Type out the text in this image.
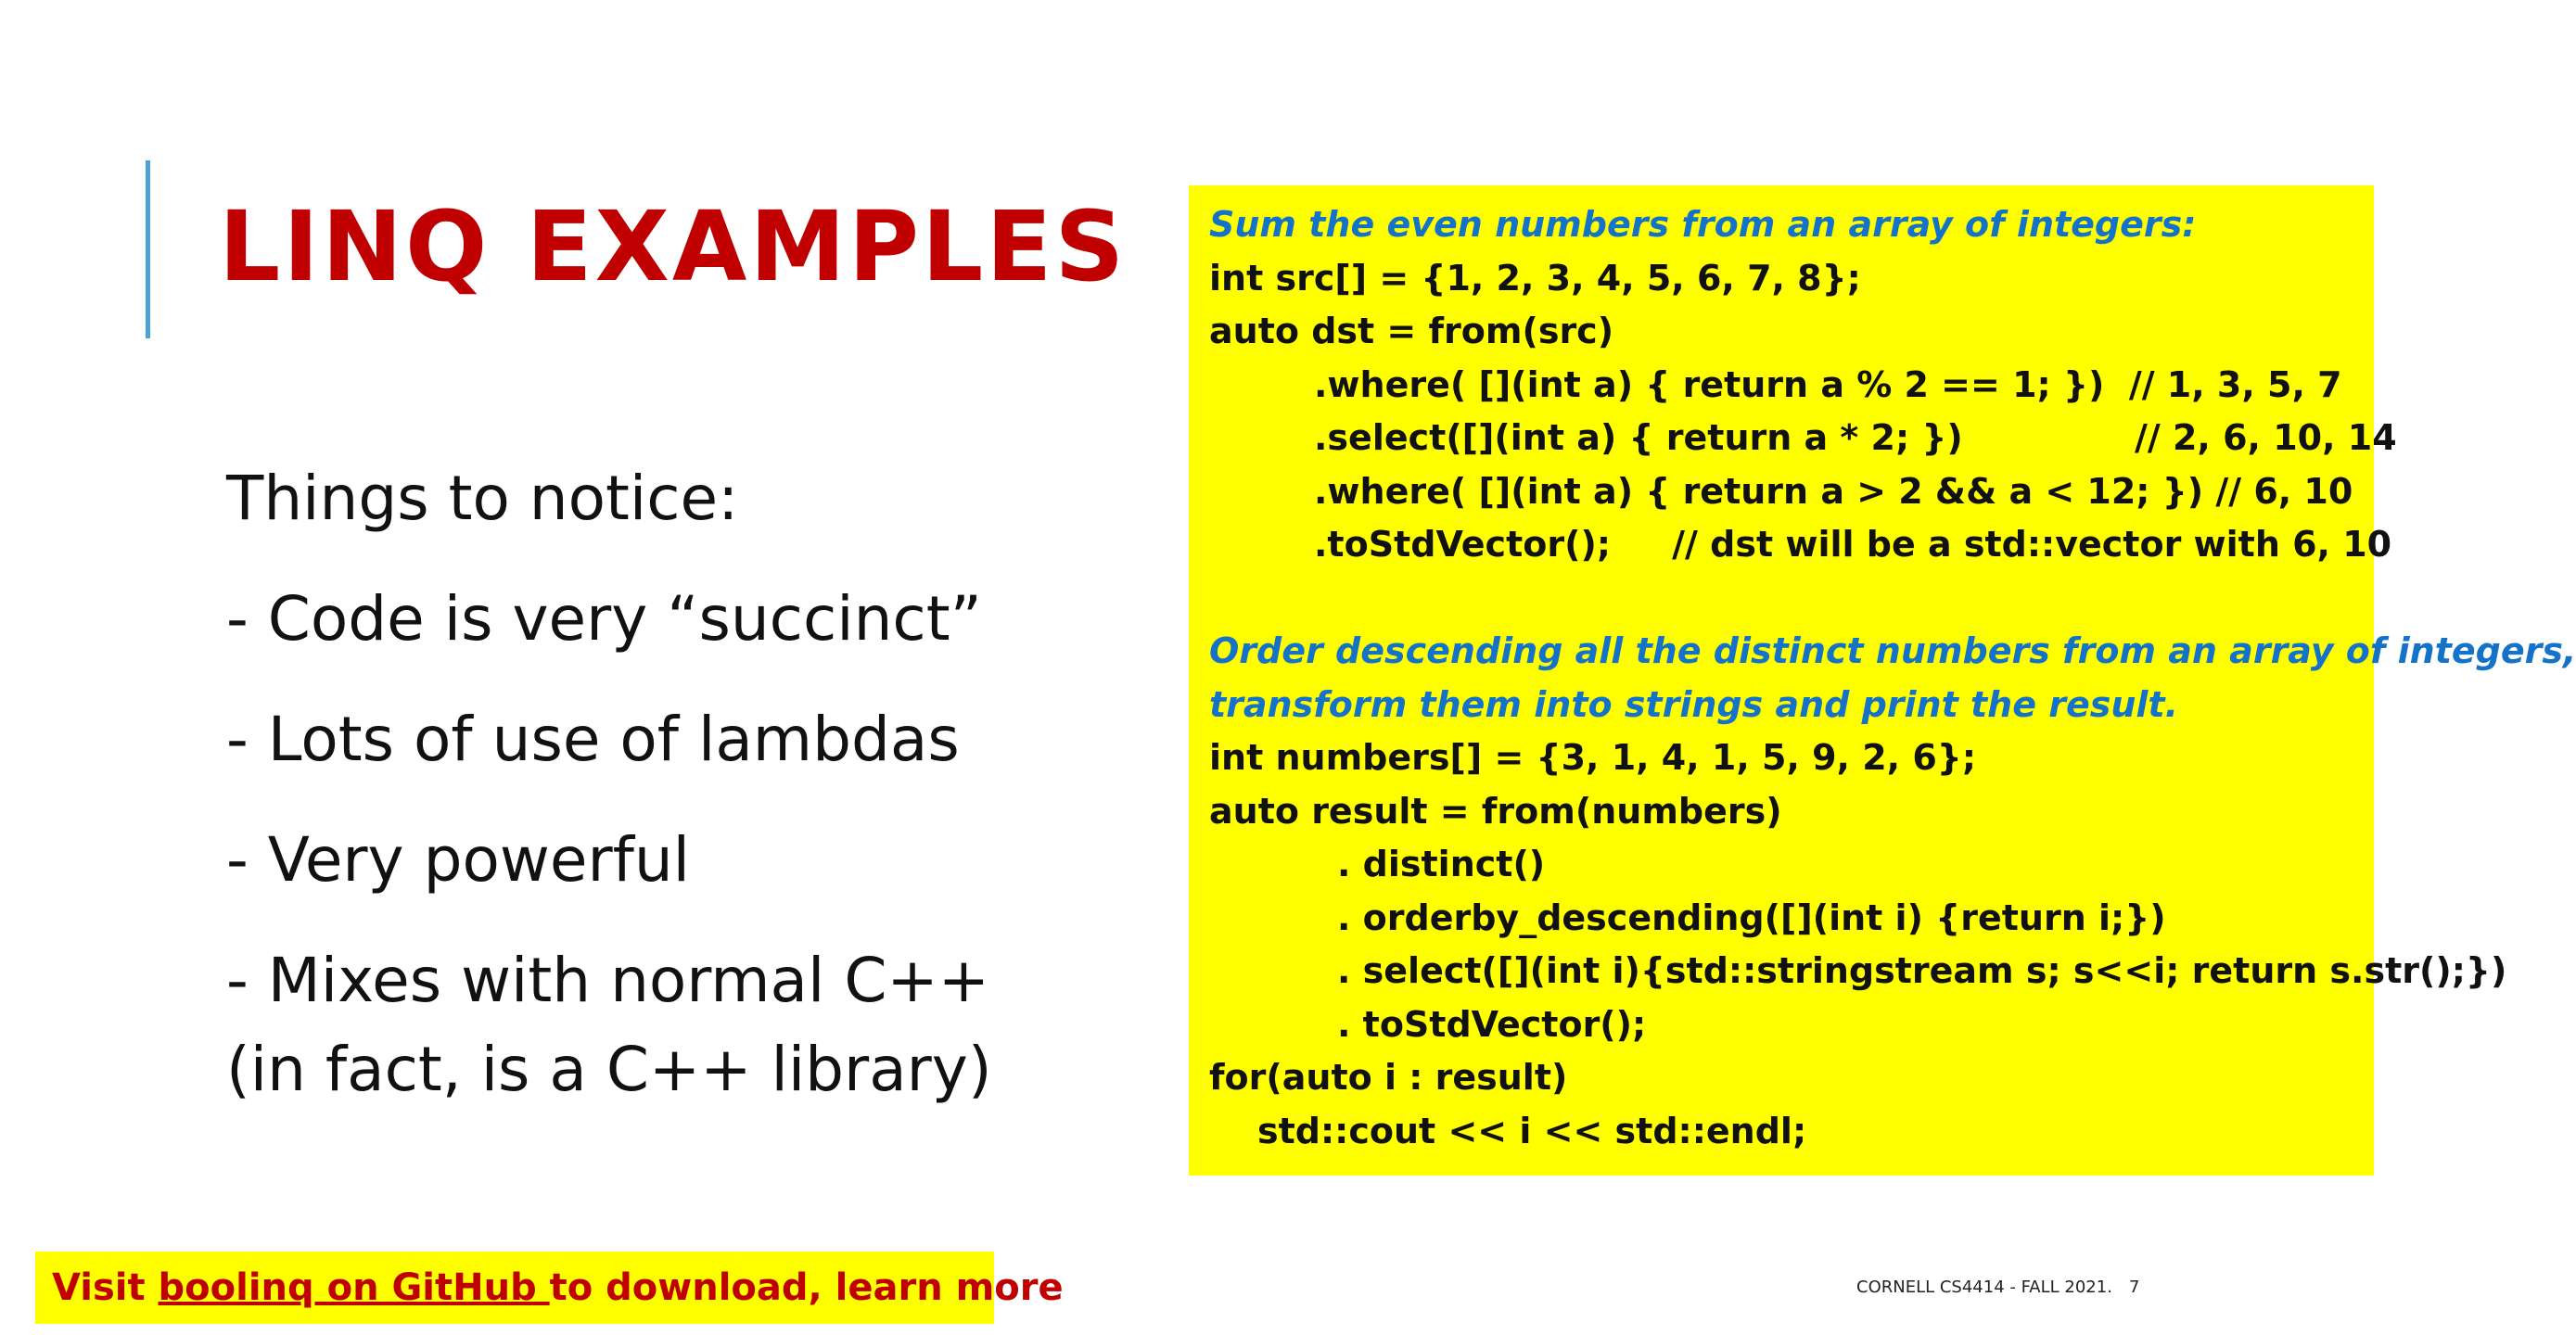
LINQ EXAMPLES
Things to notice:
- Code is very “succinct”
- Lots of use of lambdas
- Very powerful
- Mixes with normal C++
(in fact, is a C++ library)
Sum the even numbers from an array of integers:
int src[] = {1, 2, 3, 4, 5, 6, 7, 8};
auto dst = from(src)
.where( [](int a) { return a % 2 == 1; })  // 1, 3, 5, 7
.select([](int a) { return a * 2; })              // 2, 6, 10, 14
.where( [](int a) { return a > 2 && a < 12; }) // 6, 10
.toStdVector();     // dst will be a std::vector with 6, 10
Order descending all the distinct numbers from an array of integers,
transform them into strings and print the result.
int numbers[] = {3, 1, 4, 1, 5, 9, 2, 6};
auto result = from(numbers)
. distinct()
. orderby_descending([](int i) {return i;})
. select([](int i){std::stringstream s; s<<i; return s.str();})
. toStdVector();
for(auto i : result)
std::cout << i << std::endl;
Visit boolinq on GitHub to download, learn more	CORNELL CS4414 - FALL 2021. 7
